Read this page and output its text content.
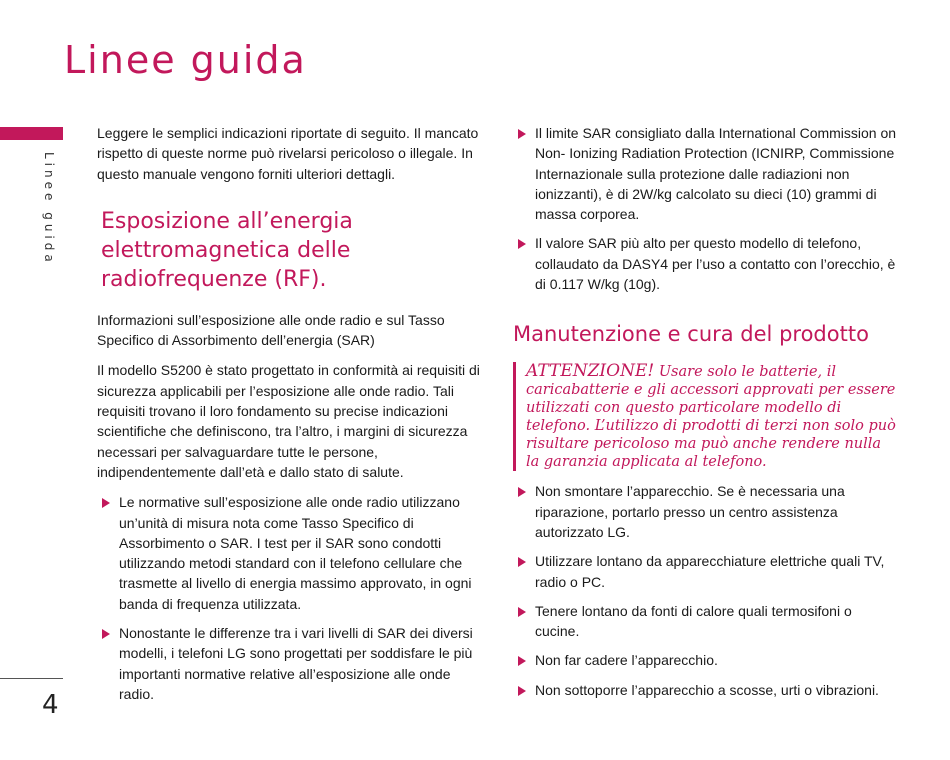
Linee guida
Linee guida
4

Leggere le semplici indicazioni riportate di seguito. Il mancato rispetto di queste norme può rivelarsi pericoloso o illegale. In questo manuale vengono forniti ulteriori dettagli.

Esposizione all’energia elettromagnetica delle radiofrequenze (RF).

Informazioni sull’esposizione alle onde radio e sul Tasso Specifico di Assorbimento dell’energia (SAR)

Il modello S5200 è stato progettato in conformità ai requisiti di sicurezza applicabili per l’esposizione alle onde radio. Tali requisiti trovano il loro fondamento su precise indicazioni scientifiche che definiscono, tra l’altro, i margini di sicurezza necessari per salvaguardare tutte le persone, indipendentemente dall’età e dallo stato di salute.

Le normative sull’esposizione alle onde radio utilizzano un’unità di misura nota come Tasso Specifico di Assorbimento o SAR. I test per il SAR sono condotti utilizzando metodi standard con il telefono cellulare che trasmette al livello di energia massimo approvato, in ogni banda di frequenza utilizzata.
Nonostante le differenze tra i vari livelli di SAR dei diversi modelli, i telefoni LG sono progettati per soddisfare le più importanti normative relative all’esposizione alle onde radio.
Il limite SAR consigliato dalla International Commission on Non- Ionizing Radiation Protection (ICNIRP, Commissione Internazionale sulla protezione dalle radiazioni non ionizzanti), è di 2W/kg calcolato su dieci (10) grammi di massa corporea.
Il valore SAR più alto per questo modello di telefono, collaudato da DASY4 per l’uso a contatto con l’orecchio, è di 0.117 W/kg (10g).
Manutenzione e cura del prodotto
ATTENZIONE! Usare solo le batterie, il caricabatterie e gli accessori approvati per essere utilizzati con questo particolare modello di telefono. L’utilizzo di prodotti di terzi non solo può risultare pericoloso ma può anche rendere nulla la garanzia applicata al telefono.
Non smontare l’apparecchio. Se è necessaria una riparazione, portarlo presso un centro assistenza autorizzato LG.
Utilizzare lontano da apparecchiature elettriche quali TV, radio o PC.
Tenere lontano da fonti di calore quali termosifoni o cucine.
Non far cadere l’apparecchio.
Non sottoporre l’apparecchio a scosse, urti o vibrazioni.
